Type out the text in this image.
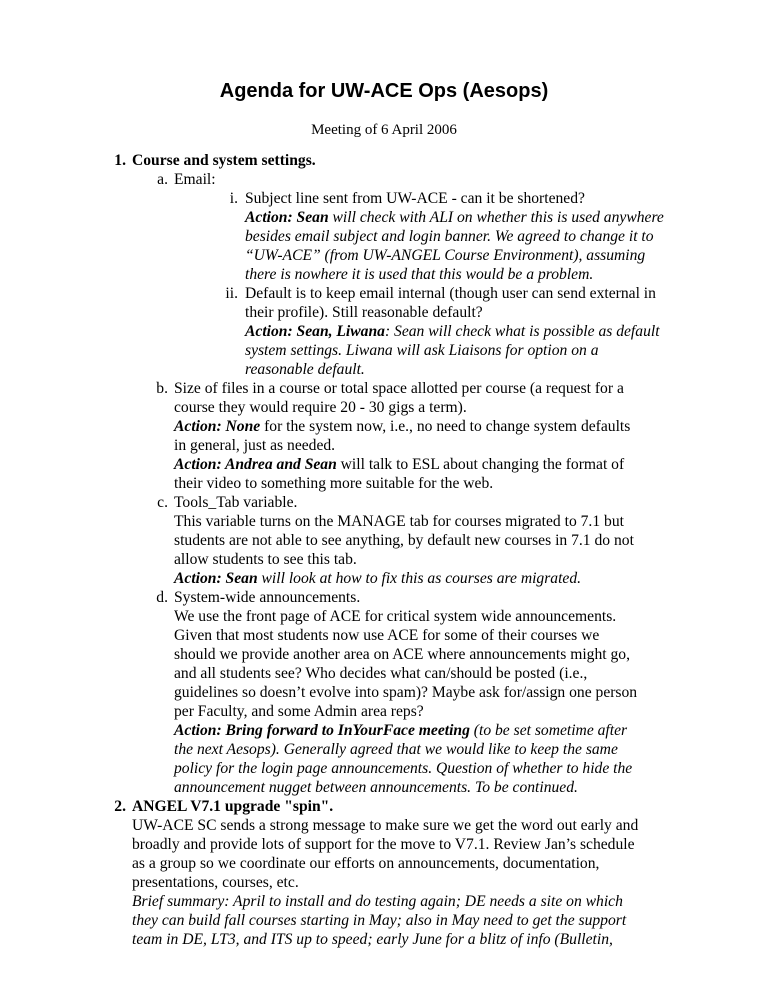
Agenda for UW-ACE Ops (Aesops)
Meeting of 6 April 2006
1. Course and system settings.
a. Email:
i. Subject line sent from UW-ACE - can it be shortened?
Action: Sean will check with ALI on whether this is used anywhere
besides email subject and login banner. We agreed to change it to
“UW-ACE” (from UW-ANGEL Course Environment), assuming
there is nowhere it is used that this would be a problem.
ii. Default is to keep email internal (though user can send external in
their profile). Still reasonable default?
Action: Sean, Liwana: Sean will check what is possible as default
system settings. Liwana will ask Liaisons for option on a
reasonable default.
b. Size of files in a course or total space allotted per course (a request for a
course they would require 20 - 30 gigs a term).
Action: None for the system now, i.e., no need to change system defaults
in general, just as needed.
Action: Andrea and Sean will talk to ESL about changing the format of
their video to something more suitable for the web.
c. Tools_Tab variable.
This variable turns on the MANAGE tab for courses migrated to 7.1 but
students are not able to see anything, by default new courses in 7.1 do not
allow students to see this tab.
Action: Sean will look at how to fix this as courses are migrated.
d. System-wide announcements.
We use the front page of ACE for critical system wide announcements.
Given that most students now use ACE for some of their courses we
should we provide another area on ACE where announcements might go,
and all students see? Who decides what can/should be posted (i.e.,
guidelines so doesn’t evolve into spam)? Maybe ask for/assign one person
per Faculty, and some Admin area reps?
Action: Bring forward to InYourFace meeting (to be set sometime after
the next Aesops). Generally agreed that we would like to keep the same
policy for the login page announcements. Question of whether to hide the
announcement nugget between announcements. To be continued.
2. ANGEL V7.1 upgrade "spin".
UW-ACE SC sends a strong message to make sure we get the word out early and
broadly and provide lots of support for the move to V7.1. Review Jan’s schedule
as a group so we coordinate our efforts on announcements, documentation,
presentations, courses, etc.
Brief summary: April to install and do testing again; DE needs a site on which
they can build fall courses starting in May; also in May need to get the support
team in DE, LT3, and ITS up to speed; early June for a blitz of info (Bulletin,
